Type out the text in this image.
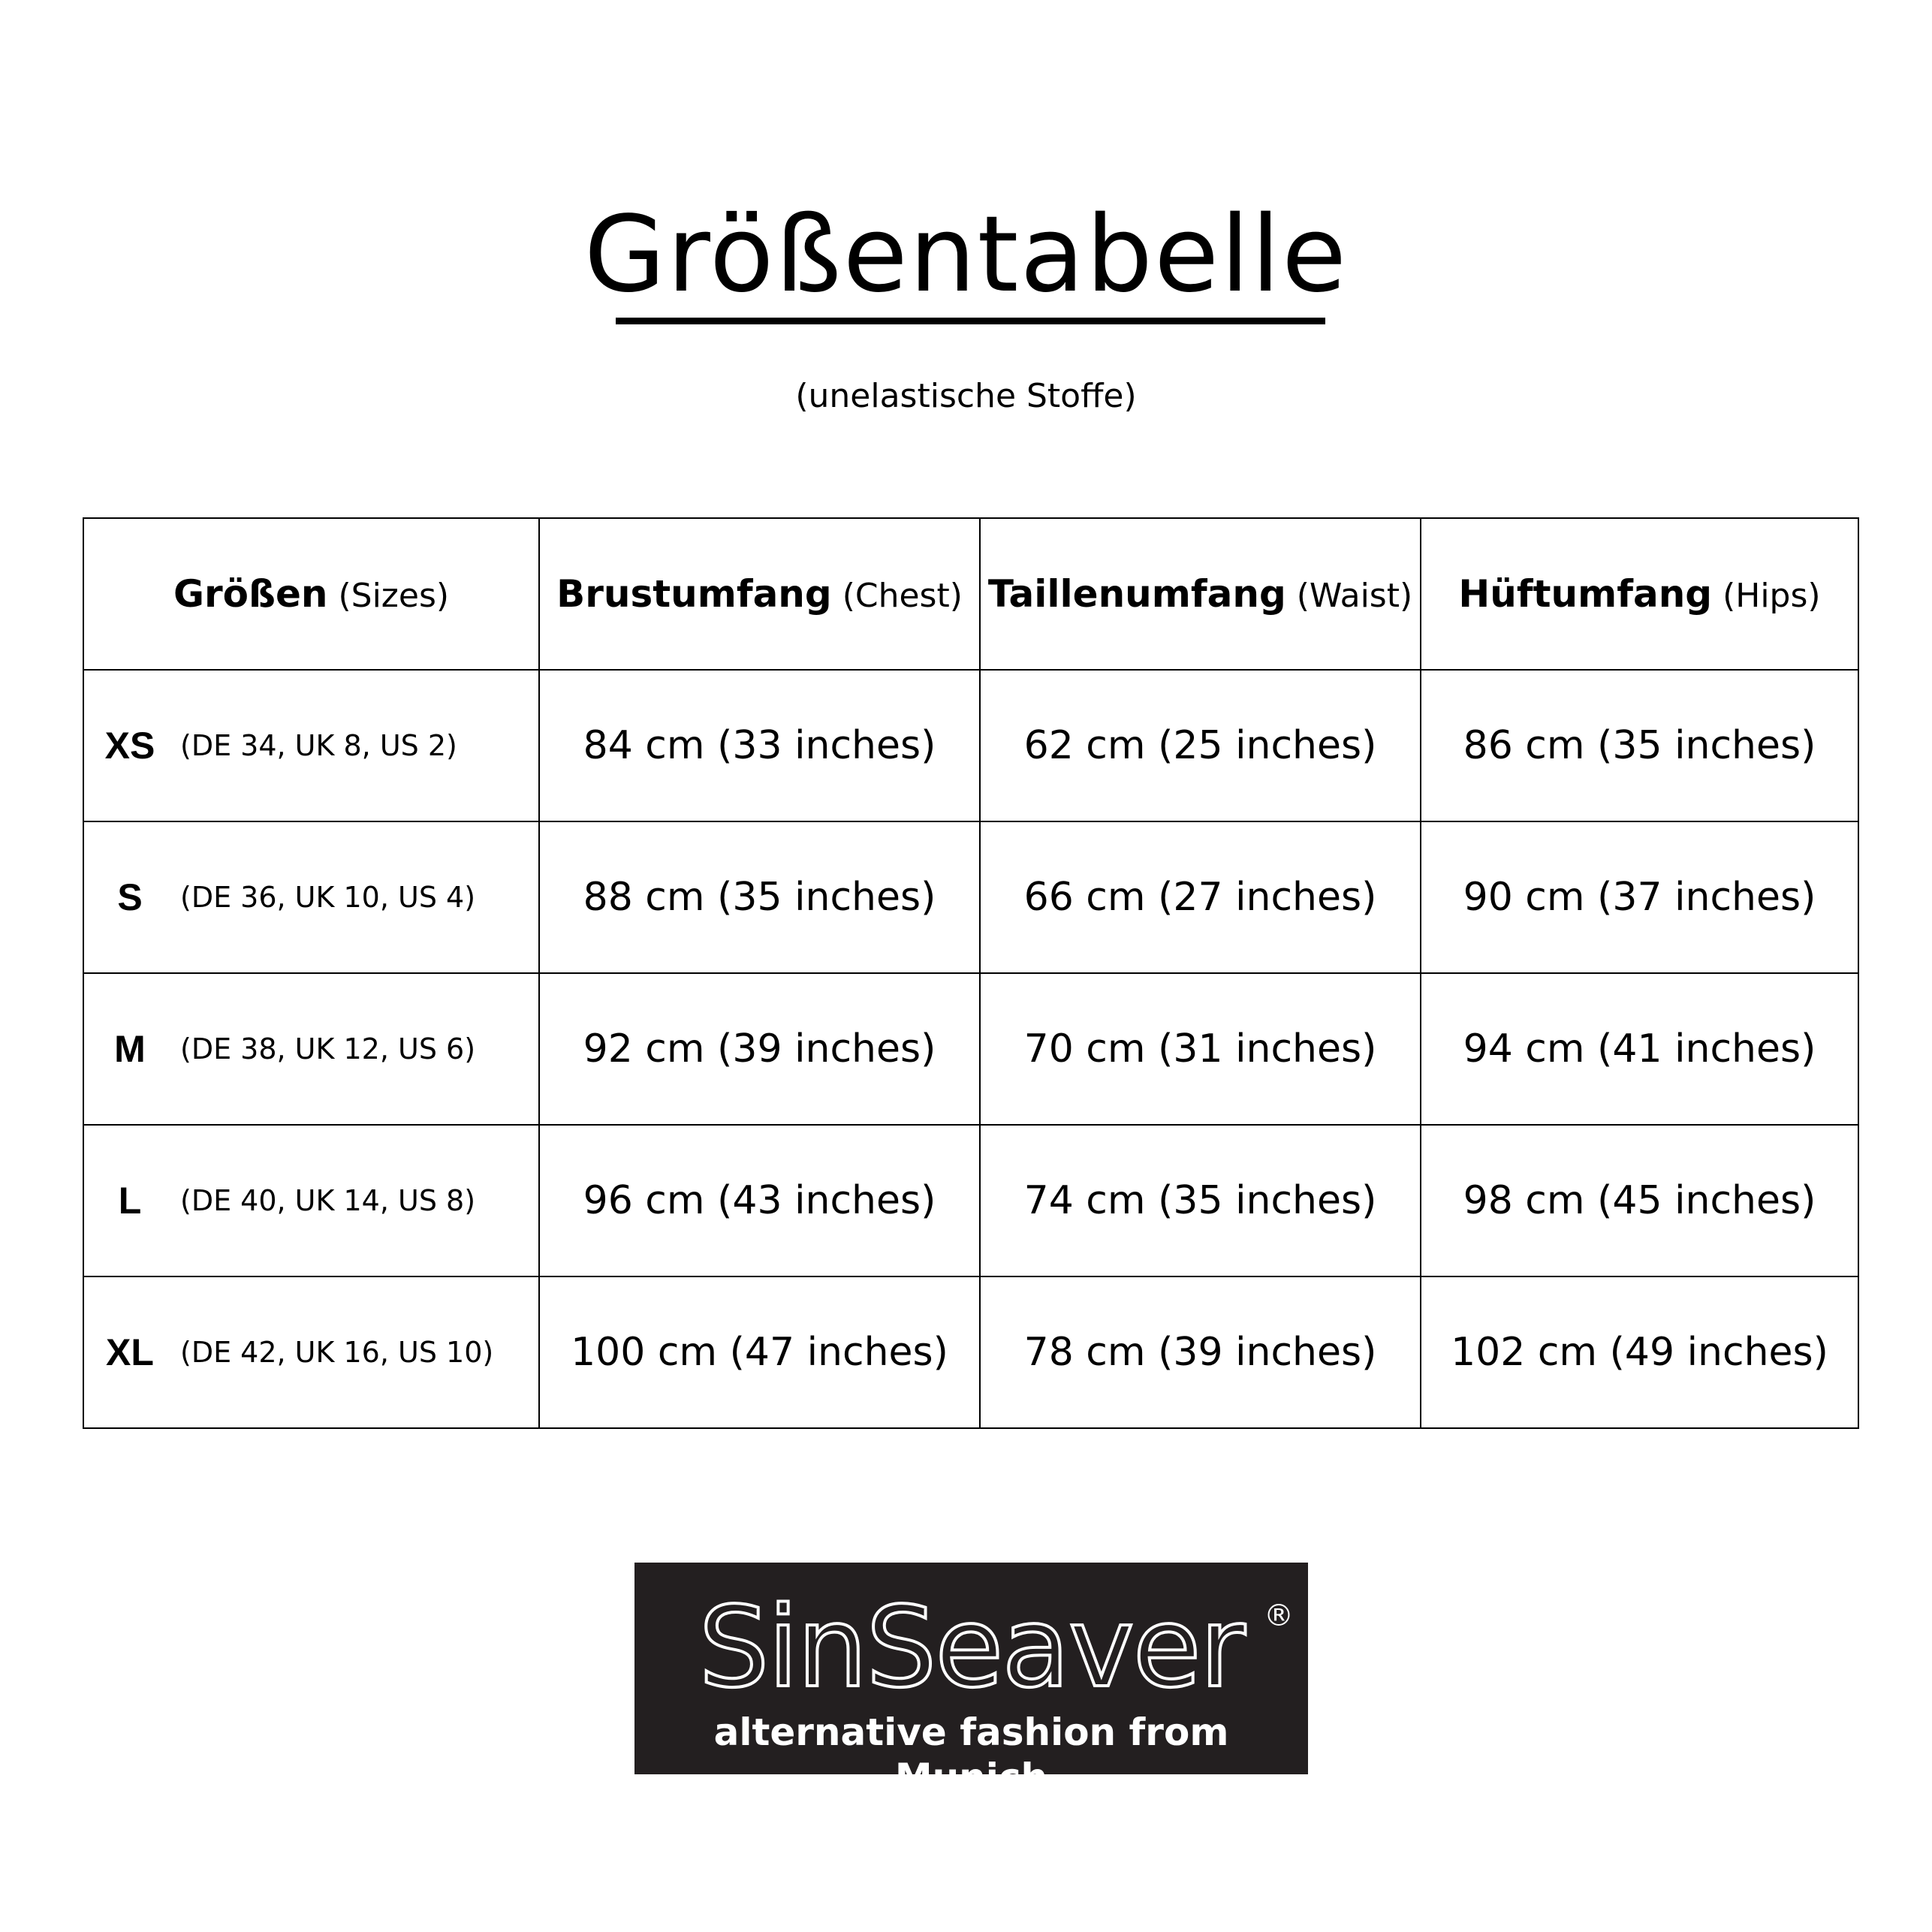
Größentabelle
(unelastische Stoffe)
Größen (Sizes)	Brustumfang (Chest)	Taillenumfang (Waist)	Hüftumfang (Hips)

XS (DE 34, UK 8, US 2)	84 cm (33 inches)	62 cm (25 inches)	86 cm (35 inches)

S (DE 36, UK 10, US 4)	88 cm (35 inches)	66 cm (27 inches)	90 cm (37 inches)

M (DE 38, UK 12, US 6)	92 cm (39 inches)	70 cm (31 inches)	94 cm (41 inches)

L (DE 40, UK 14, US 8)	96 cm (43 inches)	74 cm (35 inches)	98 cm (45 inches)

XL (DE 42, UK 16, US 10)	100 cm (47 inches)	78 cm (39 inches)	102 cm (49 inches)
SinSeaver ®
alternative fashion from Munich
